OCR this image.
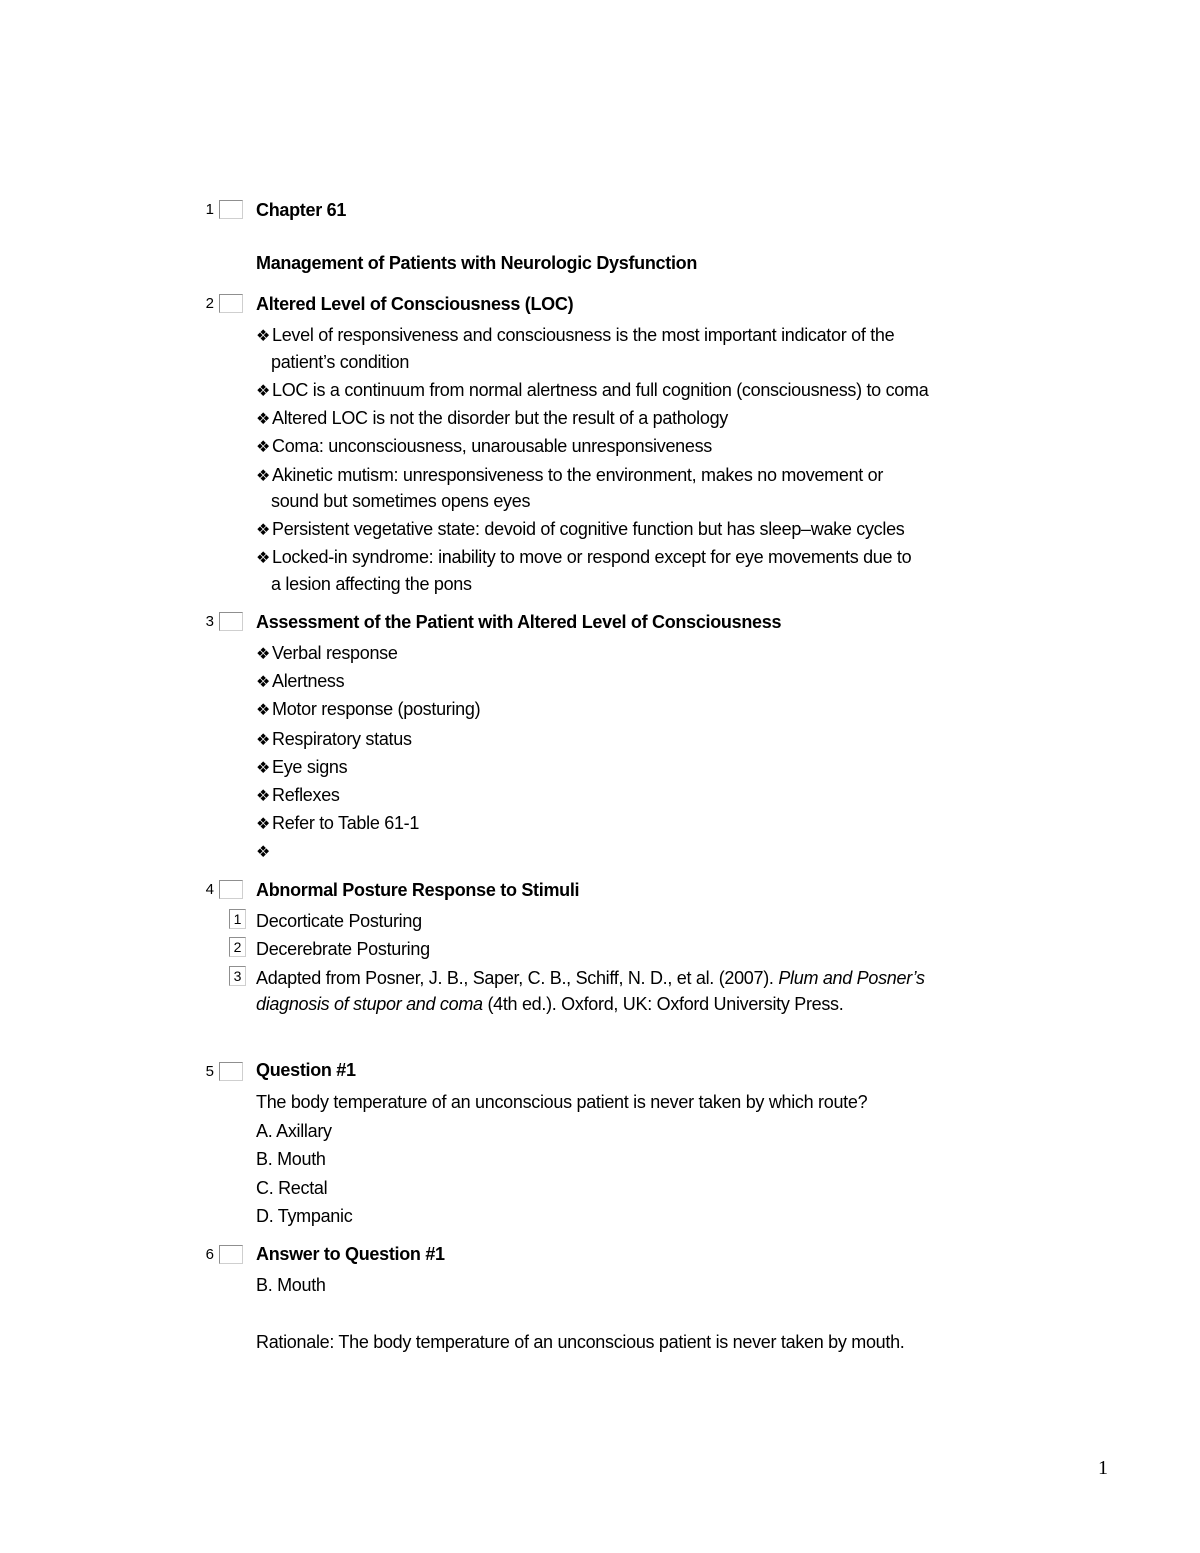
1 Chapter 61
Management of Patients with Neurologic Dysfunction
2 Altered Level of Consciousness (LOC)
❖ Level of responsiveness and consciousness is the most important indicator of the
patient’s condition
❖ LOC is a continuum from normal alertness and full cognition (consciousness) to coma
❖ Altered LOC is not the disorder but the result of a pathology
❖ Coma: unconsciousness, unarousable unresponsiveness
❖ Akinetic mutism: unresponsiveness to the environment, makes no movement or
sound but sometimes opens eyes
❖ Persistent vegetative state: devoid of cognitive function but has sleep–wake cycles
❖ Locked-in syndrome: inability to move or respond except for eye movements due to
a lesion affecting the pons
3 Assessment of the Patient with Altered Level of Consciousness
❖ Verbal response
❖ Alertness
❖ Motor response (posturing)
❖ Respiratory status
❖ Eye signs
❖ Reflexes
❖ Refer to Table 61-1
❖
4 Abnormal Posture Response to Stimuli
1 Decorticate Posturing
2 Decerebrate Posturing
3 Adapted from Posner, J. B., Saper, C. B., Schiff, N. D., et al. (2007). Plum and Posner’s
diagnosis of stupor and coma (4th ed.). Oxford, UK: Oxford University Press.
5 Question #1
The body temperature of an unconscious patient is never taken by which route?
A. Axillary
B. Mouth
C. Rectal
D. Tympanic
6 Answer to Question #1
B. Mouth
Rationale: The body temperature of an unconscious patient is never taken by mouth.
1
